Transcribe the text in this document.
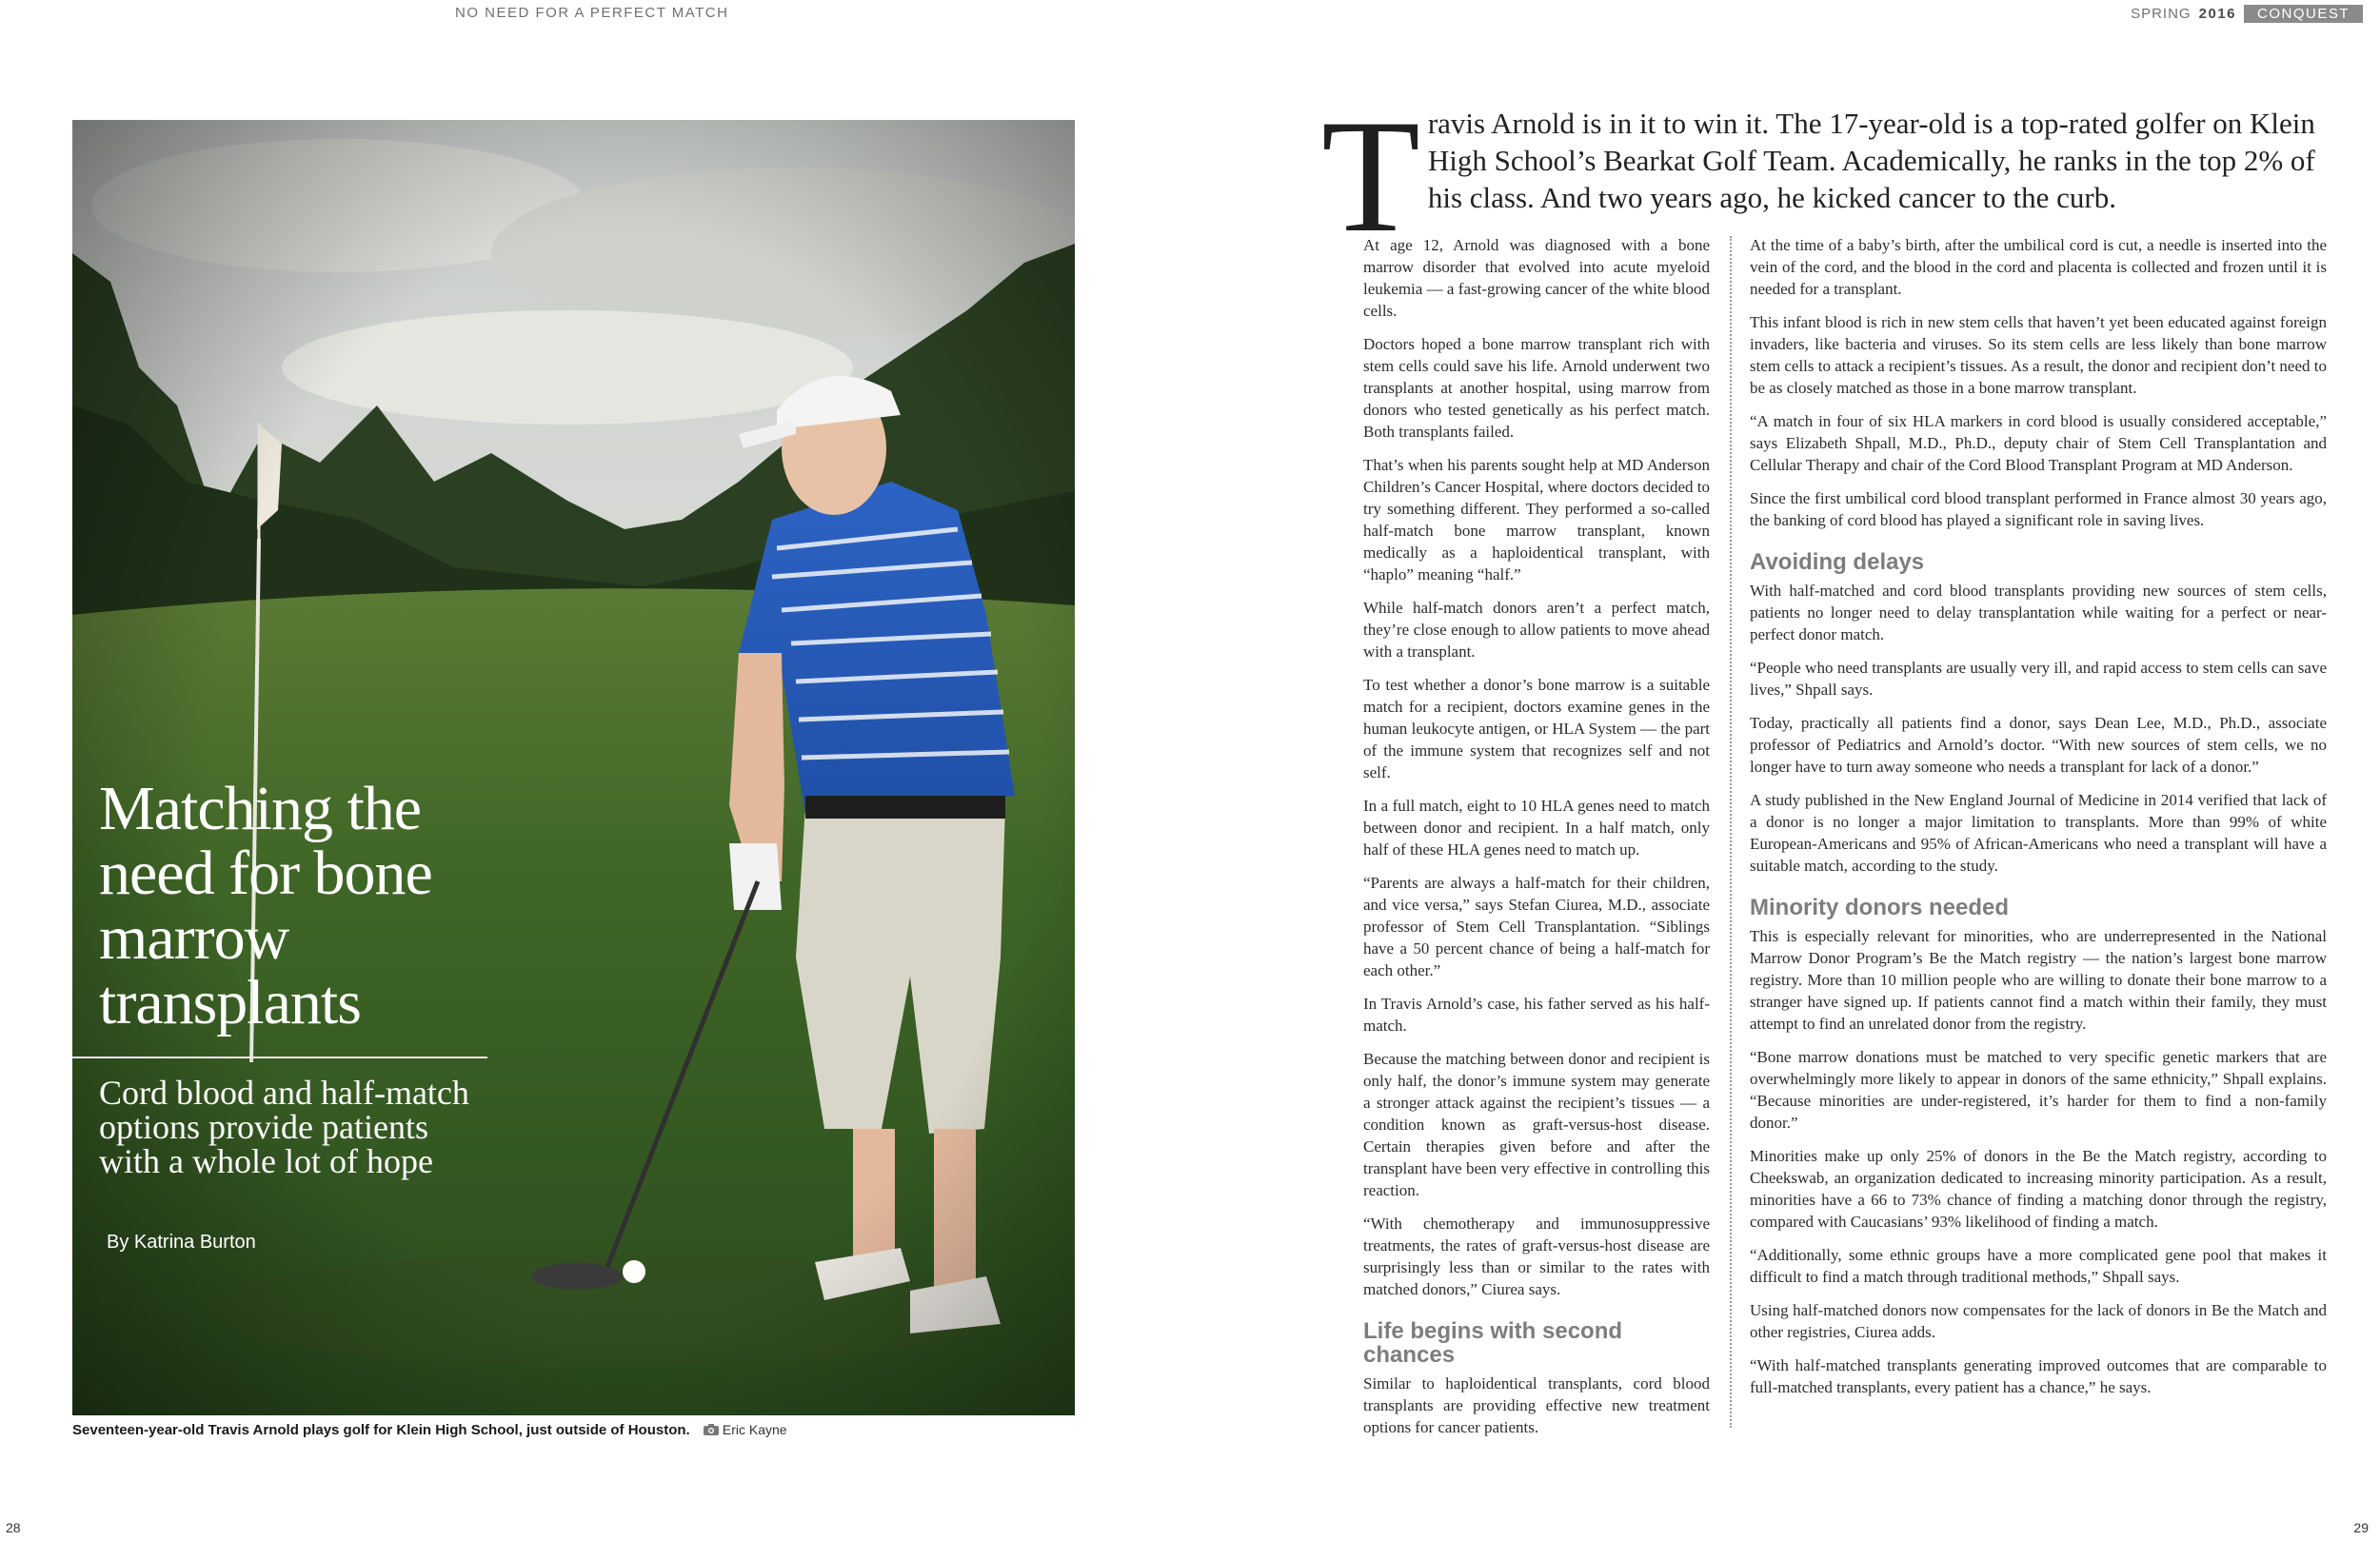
NO NEED FOR A PERFECT MATCH	SPRING 2016	CONQUEST
Matching the need for bone marrow transplants
Cord blood and half-match options provide patients with a whole lot of hope
By Katrina Burton
Seventeen-year-old Travis Arnold plays golf for Klein High School, just outside of Houston. Eric Kayne
28	29
T ravis Arnold is in it to win it. The 17-year-old is a top-rated golfer on Klein High School’s Bearkat Golf Team. Academically, he ranks in the top 2% of his class. And two years ago, he kicked cancer to the curb.

At age 12, Arnold was diagnosed with a bone marrow disorder that evolved into acute myeloid leukemia — a fast-growing cancer of the white blood cells.

Doctors hoped a bone marrow transplant rich with stem cells could save his life. Arnold underwent two transplants at another hospital, using marrow from donors who tested genetically as his perfect match. Both transplants failed.

That’s when his parents sought help at MD Anderson Children’s Cancer Hospital, where doctors decided to try something different. They performed a so-called half-match bone marrow transplant, known medically as a haploidentical transplant, with “haplo” meaning “half.”

While half-match donors aren’t a perfect match, they’re close enough to allow patients to move ahead with a transplant.

To test whether a donor’s bone marrow is a suitable match for a recipient, doctors examine genes in the human leukocyte antigen, or HLA System — the part of the immune system that recognizes self and not self.

In a full match, eight to 10 HLA genes need to match between donor and recipient. In a half match, only half of these HLA genes need to match up.

“Parents are always a half-match for their children, and vice versa,” says Stefan Ciurea, M.D., associate professor of Stem Cell Transplantation. “Siblings have a 50 percent chance of being a half-match for each other.”

In Travis Arnold’s case, his father served as his half-match.

Because the matching between donor and recipient is only half, the donor’s immune system may generate a stronger attack against the recipient’s tissues — a condition known as graft-versus-host disease. Certain therapies given before and after the transplant have been very effective in controlling this reaction.

“With chemotherapy and immunosuppressive treatments, the rates of graft-versus-host disease are surprisingly less than or similar to the rates with matched donors,” Ciurea says.

Life begins with second chances

Similar to haploidentical transplants, cord blood transplants are providing effective new treatment options for cancer patients.

At the time of a baby’s birth, after the umbilical cord is cut, a needle is inserted into the vein of the cord, and the blood in the cord and placenta is collected and frozen until it is needed for a transplant.

This infant blood is rich in new stem cells that haven’t yet been educated against foreign invaders, like bacteria and viruses. So its stem cells are less likely than bone marrow stem cells to attack a recipient’s tissues. As a result, the donor and recipient don’t need to be as closely matched as those in a bone marrow transplant.

“A match in four of six HLA markers in cord blood is usually considered acceptable,” says Elizabeth Shpall, M.D., Ph.D., deputy chair of Stem Cell Transplantation and Cellular Therapy and chair of the Cord Blood Transplant Program at MD Anderson.

Since the first umbilical cord blood transplant performed in France almost 30 years ago, the banking of cord blood has played a significant role in saving lives.

Avoiding delays

With half-matched and cord blood transplants providing new sources of stem cells, patients no longer need to delay transplantation while waiting for a perfect or near-perfect donor match.

“People who need transplants are usually very ill, and rapid access to stem cells can save lives,” Shpall says.

Today, practically all patients find a donor, says Dean Lee, M.D., Ph.D., associate professor of Pediatrics and Arnold’s doctor. “With new sources of stem cells, we no longer have to turn away someone who needs a transplant for lack of a donor.”

A study published in the New England Journal of Medicine in 2014 verified that lack of a donor is no longer a major limitation to transplants. More than 99% of white European-Americans and 95% of African-Americans who need a transplant will have a suitable match, according to the study.

Minority donors needed

This is especially relevant for minorities, who are underrepresented in the National Marrow Donor Program’s Be the Match registry — the nation’s largest bone marrow registry. More than 10 million people who are willing to donate their bone marrow to a stranger have signed up. If patients cannot find a match within their family, they must attempt to find an unrelated donor from the registry.

“Bone marrow donations must be matched to very specific genetic markers that are overwhelmingly more likely to appear in donors of the same ethnicity,” Shpall explains. “Because minorities are under-registered, it’s harder for them to find a non-family donor.”

Minorities make up only 25% of donors in the Be the Match registry, according to Cheekswab, an organization dedicated to increasing minority participation. As a result, minorities have a 66 to 73% chance of finding a matching donor through the registry, compared with Caucasians’ 93% likelihood of finding a match.

“Additionally, some ethnic groups have a more complicated gene pool that makes it difficult to find a match through traditional methods,” Shpall says.

Using half-matched donors now compensates for the lack of donors in Be the Match and other registries, Ciurea adds.

“With half-matched transplants generating improved outcomes that are comparable to full-matched transplants, every patient has a chance,” he says.
